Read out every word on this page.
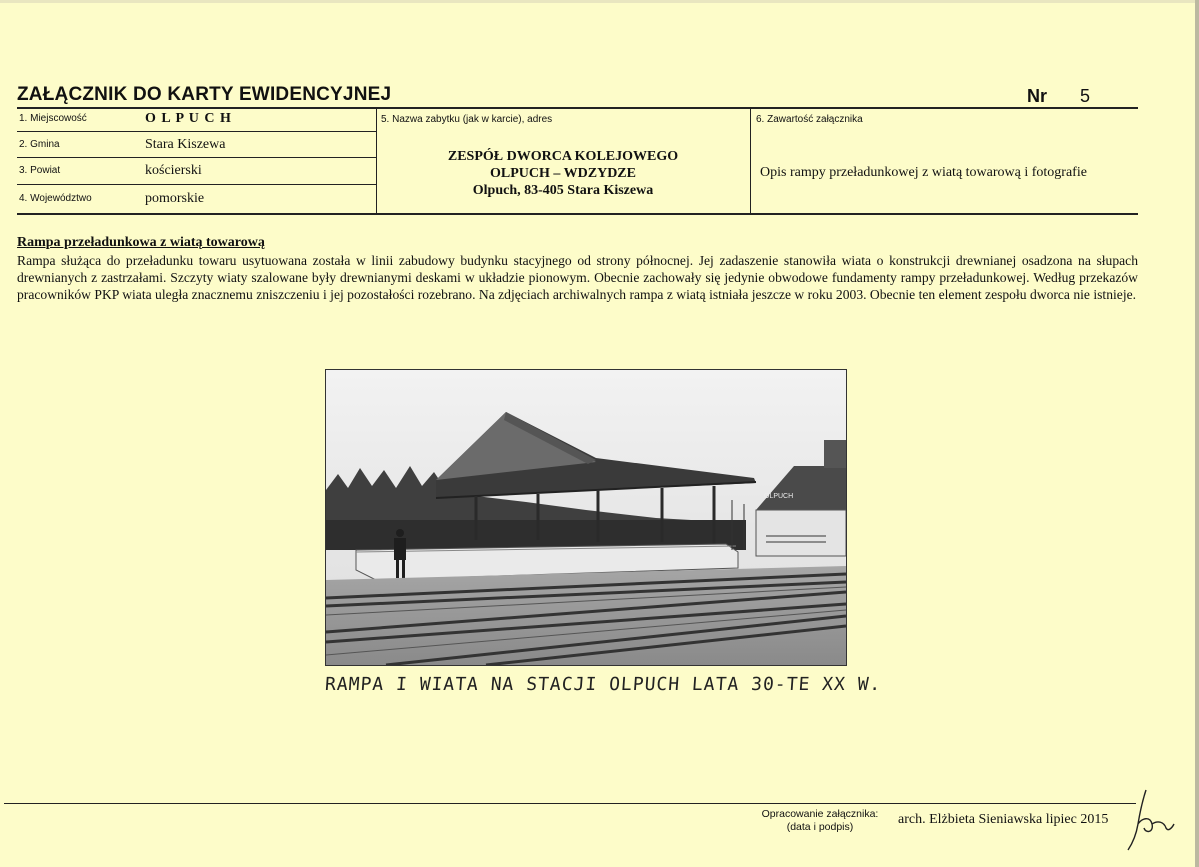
ZAŁĄCZNIK DO KARTY EWIDENCYJNEJ	Nr 5
1. Miejscowość	O L P U C H
2. Gmina	Stara Kiszewa
3. Powiat	kościerski
4. Województwo	pomorskie
5. Nazwa zabytku (jak w karcie), adres
ZESPÓŁ DWORCA KOLEJOWEGO
OLPUCH – WDZYDZE
Olpuch, 83-405 Stara Kiszewa
6. Zawartość załącznika
Opis rampy przeładunkowej z wiatą towarową i fotografie
Rampa przeładunkowa z wiatą towarową
Rampa służąca do przeładunku towaru usytuowana została w linii zabudowy budynku stacyjnego od strony północnej. Jej zadaszenie stanowiła wiata o konstrukcji drewnianej osadzona na słupach drewnianych z zastrzałami. Szczyty wiaty szalowane były drewnianymi deskami w układzie pionowym. Obecnie zachowały się jedynie obwodowe fundamenty rampy przeładunkowej. Według przekazów pracowników PKP wiata uległa znacznemu zniszczeniu i jej pozostałości rozebrano. Na zdjęciach archiwalnych rampa z wiatą istniała jeszcze w roku 2003. Obecnie ten element zespołu dworca nie istnieje.
OLPUCH
RAMPA I WIATA NA STACJI OLPUCH LATA 30-TE XX W.
Opracowanie załącznika:
(data i podpis)	arch. Elżbieta Sieniawska lipiec 2015
